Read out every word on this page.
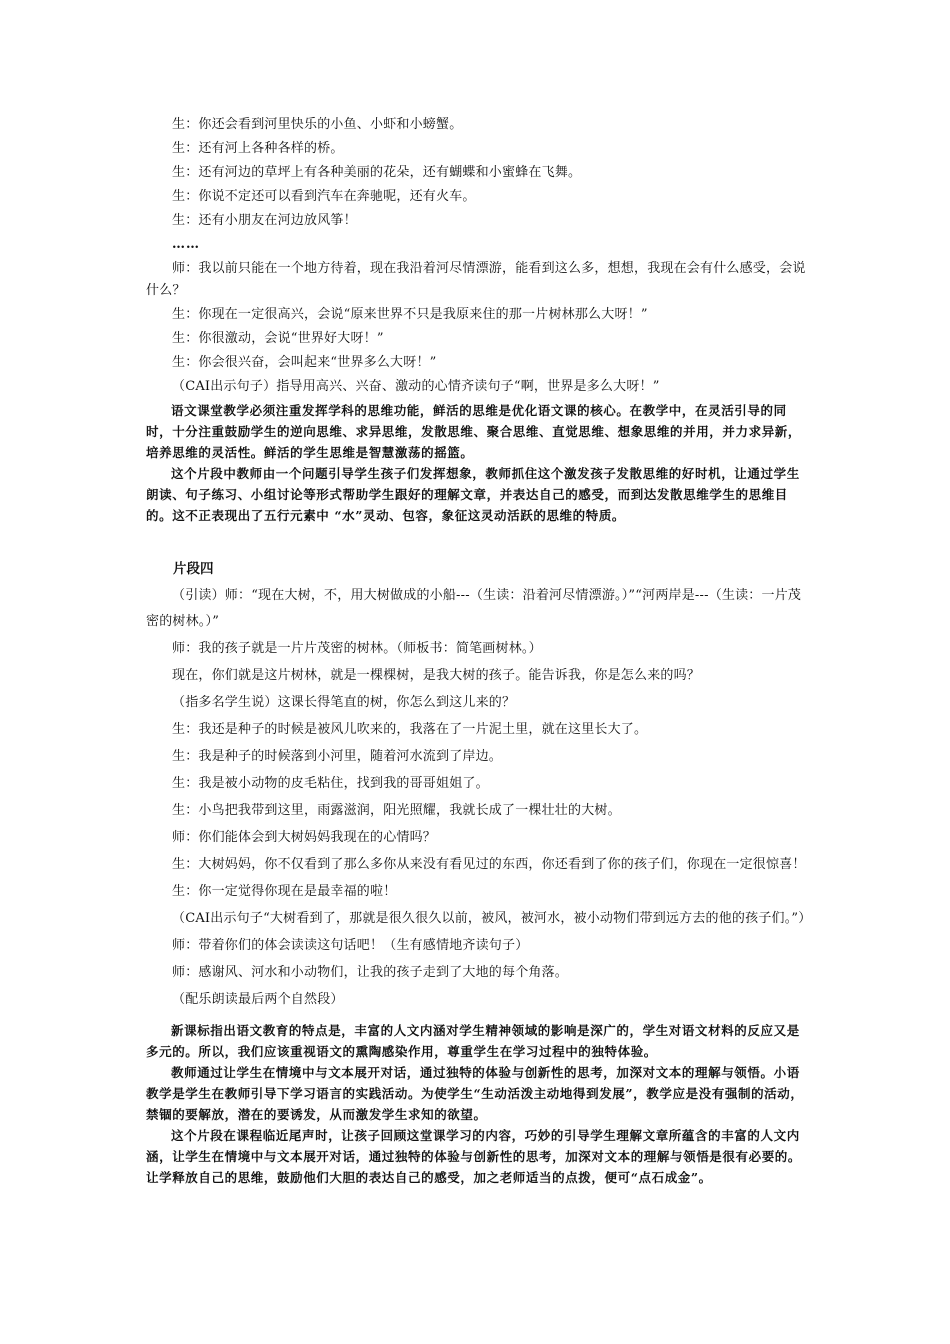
生：你还会看到河里快乐的小鱼、小虾和小螃蟹。

生：还有河上各种各样的桥。

生：还有河边的草坪上有各种美丽的花朵，还有蝴蝶和小蜜蜂在飞舞。

生：你说不定还可以看到汽车在奔驰呢，还有火车。

生：还有小朋友在河边放风筝！

……

师：我以前只能在一个地方待着，现在我沿着河尽情漂游，能看到这么多，想想，我现在会有什么感受，会说什么？

生：你现在一定很高兴，会说“原来世界不只是我原来住的那一片树林那么大呀！”

生：你很激动，会说“世界好大呀！”

生：你会很兴奋，会叫起来“世界多么大呀！”

（CAI出示句子）指导用高兴、兴奋、激动的心情齐读句子“啊，世界是多么大呀！”

语文课堂教学必须注重发挥学科的思维功能，鲜活的思维是优化语文课的核心。在教学中，在灵活引导的同时，十分注重鼓励学生的逆向思维、求异思维，发散思维、聚合思维、直觉思维、想象思维的并用，并力求异新，培养思维的灵活性。鲜活的学生思维是智慧激荡的摇篮。

这个片段中教师由一个问题引导学生孩子们发挥想象，教师抓住这个激发孩子发散思维的好时机，让通过学生朗读、句子练习、小组讨论等形式帮助学生跟好的理解文章，并表达自己的感受，而到达发散思维学生的思维目的。这不正表现出了五行元素中 “水”灵动、包容，象征这灵动活跃的思维的特质。

片段四

（引读）师：“现在大树，不，用大树做成的小船---（生读：沿着河尽情漂游。）”“河两岸是---（生读：一片茂密的树林。）”

师：我的孩子就是一片片茂密的树林。（师板书：简笔画树林。）

现在，你们就是这片树林，就是一棵棵树，是我大树的孩子。能告诉我，你是怎么来的吗？

（指多名学生说）这课长得笔直的树，你怎么到这儿来的？

生：我还是种子的时候是被风儿吹来的，我落在了一片泥土里，就在这里长大了。

生：我是种子的时候落到小河里，随着河水流到了岸边。

生：我是被小动物的皮毛粘住，找到我的哥哥姐姐了。

生：小鸟把我带到这里，雨露滋润，阳光照耀，我就长成了一棵壮壮的大树。

师：你们能体会到大树妈妈我现在的心情吗？

生：大树妈妈，你不仅看到了那么多你从来没有看见过的东西，你还看到了你的孩子们，你现在一定很惊喜！

生：你一定觉得你现在是最幸福的啦！

（CAI出示句子“大树看到了，那就是很久很久以前，被风，被河水，被小动物们带到远方去的他的孩子们。”）

师：带着你们的体会读读这句话吧！（生有感情地齐读句子）

师：感谢风、河水和小动物们，让我的孩子走到了大地的每个角落。

（配乐朗读最后两个自然段）

新课标指出语文教育的特点是，丰富的人文内涵对学生精神领域的影响是深广的，学生对语文材料的反应又是多元的。所以，我们应该重视语文的熏陶感染作用，尊重学生在学习过程中的独特体验。

教师通过让学生在情境中与文本展开对话，通过独特的体验与创新性的思考，加深对文本的理解与领悟。小语教学是学生在教师引导下学习语言的实践活动。为使学生“生动活泼主动地得到发展”，教学应是没有强制的活动，禁锢的要解放，潜在的要诱发，从而激发学生求知的欲望。

这个片段在课程临近尾声时，让孩子回顾这堂课学习的内容，巧妙的引导学生理解文章所蕴含的丰富的人文内涵，让学生在情境中与文本展开对话，通过独特的体验与创新性的思考，加深对文本的理解与领悟是很有必要的。让学释放自己的思维，鼓励他们大胆的表达自己的感受，加之老师适当的点拨，便可“点石成金”。
